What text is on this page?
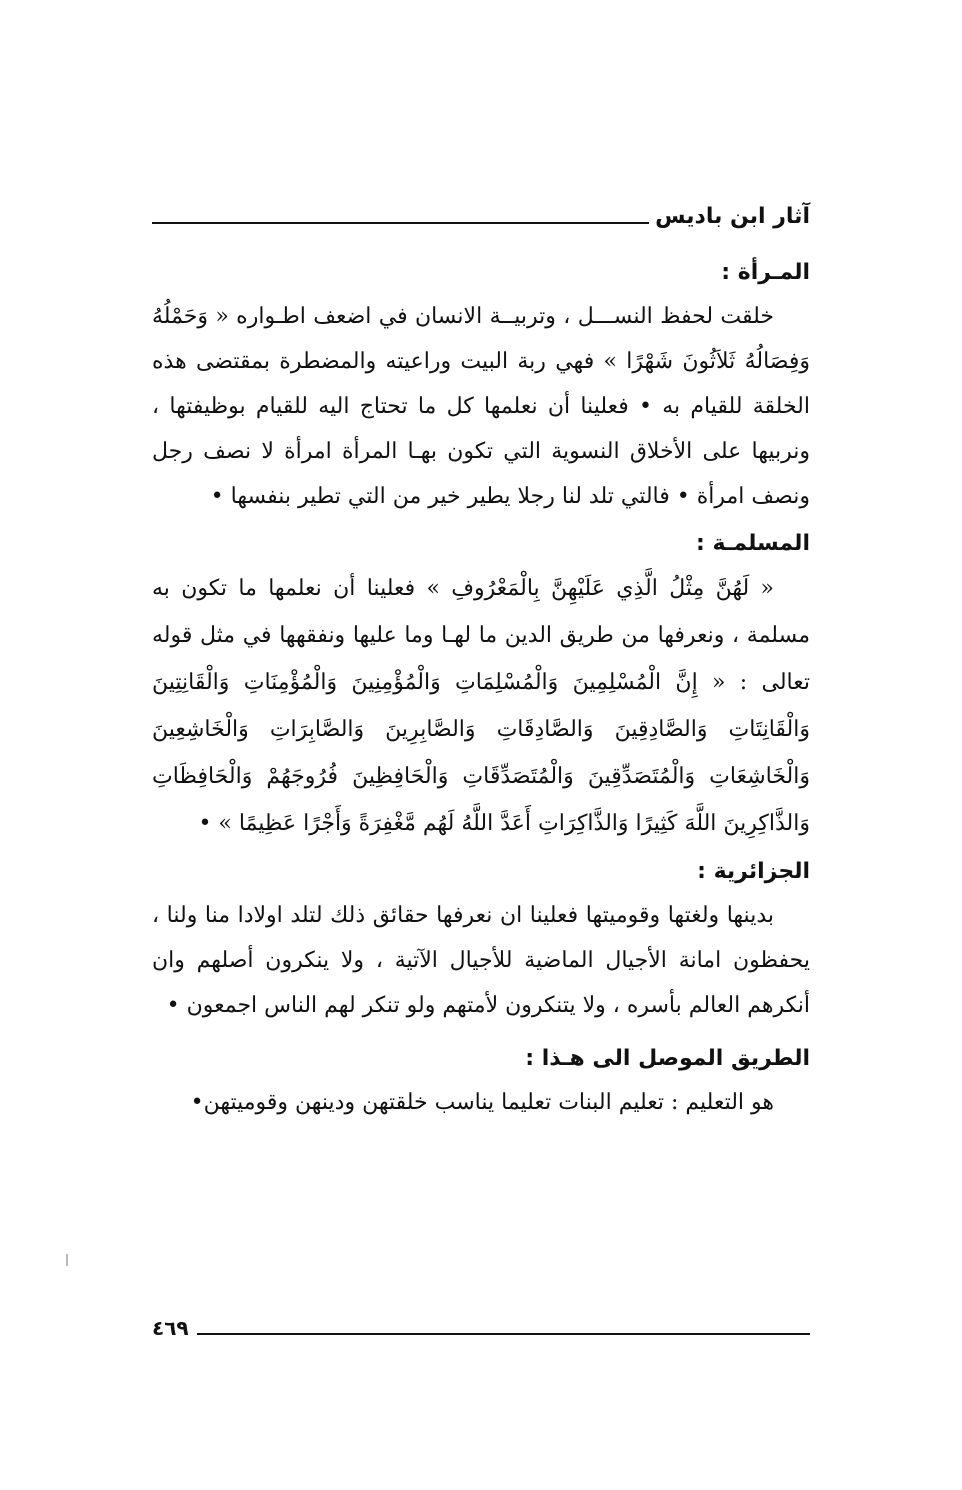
آثار ابن باديس
المـرأة :

خلقت لحفظ النســـل ، وتربيــة الانسان في اضعف اطـواره « وَحَمْلُهُ وَفِصَالُهُ ثَلاَثُونَ شَهْرًا » فهي ربة البيت وراعيته والمضطرة بمقتضى هذه الخلقة للقيام به • فعلينا أن نعلمها كل ما تحتاج اليه للقيام بوظيفتها ، ونربيها على الأخلاق النسوية التي تكون بهـا المرأة امرأة لا نصف رجل ونصف امرأة • فالتي تلد لنا رجلا يطير خير من التي تطير بنفسها •

المسلمـة :

« لَهُنَّ مِثْلُ الَّذِي عَلَيْهِنَّ بِالْمَعْرُوفِ » فعلينا أن نعلمها ما تكون به مسلمة ، ونعرفها من طريق الدين ما لهـا وما عليها ونفقهها في مثل قوله تعالى : « إِنَّ الْمُسْلِمِينَ وَالْمُسْلِمَاتِ وَالْمُؤْمِنِينَ وَالْمُؤْمِنَاتِ وَالْقَانِتِينَ وَالْقَانِتَاتِ وَالصَّادِقِينَ وَالصَّادِقَاتِ وَالصَّابِرِينَ وَالصَّابِرَاتِ وَالْخَاشِعِينَ وَالْخَاشِعَاتِ وَالْمُتَصَدِّقِينَ وَالْمُتَصَدِّقَاتِ وَالْحَافِظِينَ فُرُوجَهُمْ وَالْحَافِظَاتِ وَالذَّاكِرِينَ اللَّهَ كَثِيرًا وَالذَّاكِرَاتِ أَعَدَّ اللَّهُ لَهُم مَّغْفِرَةً وَأَجْرًا عَظِيمًا » •

الجزائرية :

بدينها ولغتها وقوميتها فعلينا ان نعرفها حقائق ذلك لتلد اولادا منا ولنا ، يحفظون امانة الأجيال الماضية للأجيال الآتية ، ولا ينكرون أصلهم وان أنكرهم العالم بأسره ، ولا يتنكرون لأمتهم ولو تنكر لهم الناس اجمعون •

الطريق الموصل الى هـذا :

هو التعليم : تعليم البنات تعليما يناسب خلقتهن ودينهن وقوميتهن•

٤٦٩
